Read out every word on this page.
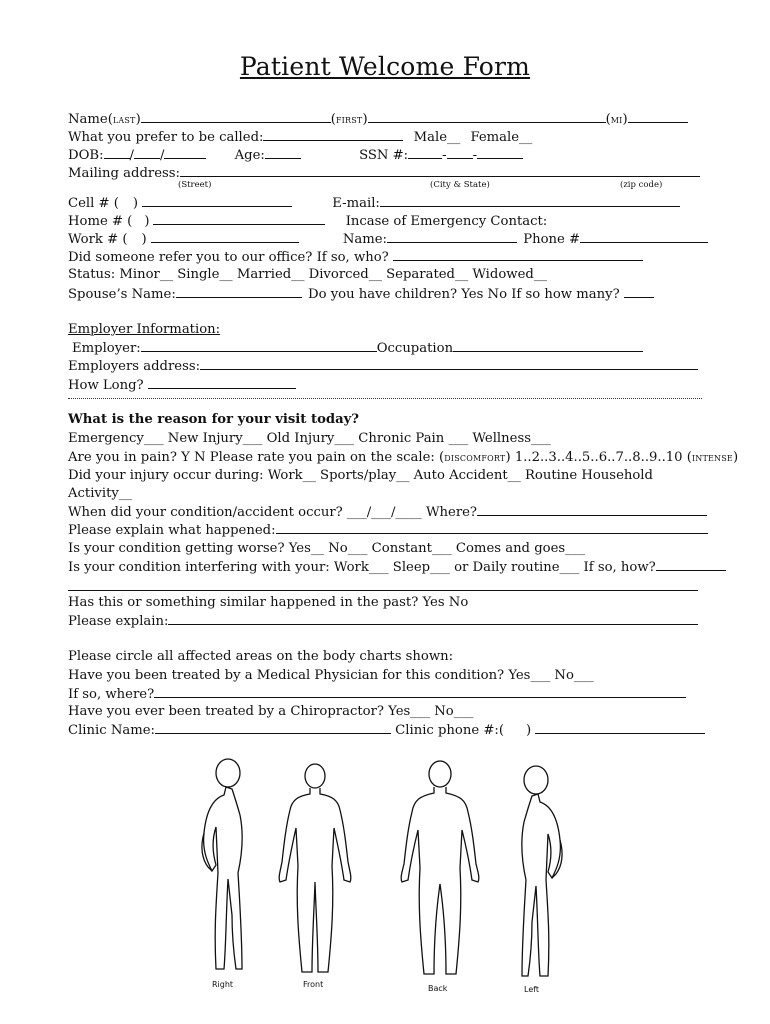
Patient Welcome Form
Name(LAST)	(FIRST)	(MI)
What you prefer to be called:	Male__ Female__
DOB: / /	Age:	SSN #:	- -
Mailing address:
(Street)	(City & State)	(zip code)
Cell # ( )	E-mail:
Home # ( )	Incase of Emergency Contact:
Work # ( )	Name:	Phone #
Did someone refer you to our office? If so, who?
Status: Minor__ Single__ Married__ Divorced__ Separated__ Widowed__
Spouse’s Name:	Do you have children? Yes No If so how many?
Employer Information:
Employer:	Occupation
Employers address:
How Long?
What is the reason for your visit today?
Emergency___ New Injury___ Old Injury___ Chronic Pain ___ Wellness___
Are you in pain? Y N Please rate you pain on the scale: (DISCOMFORT) 1..2..3..4..5..6..7..8..9..10 (INTENSE)
Did your injury occur during: Work__ Sports/play__ Auto Accident__ Routine Household
Activity__
When did your condition/accident occur? ___/___/____ Where?
Please explain what happened:
Is your condition getting worse? Yes__ No___ Constant___ Comes and goes___
Is your condition interfering with your: Work___ Sleep___ or Daily routine___ If so, how?
Has this or something similar happened in the past? Yes No
Please explain:
Please circle all affected areas on the body charts shown:
Have you been treated by a Medical Physician for this condition? Yes___ No___
If so, where?
Have you ever been treated by a Chiropractor? Yes___ No___
Clinic Name:	Clinic phone #:( )
Right	Front	Back	Left
